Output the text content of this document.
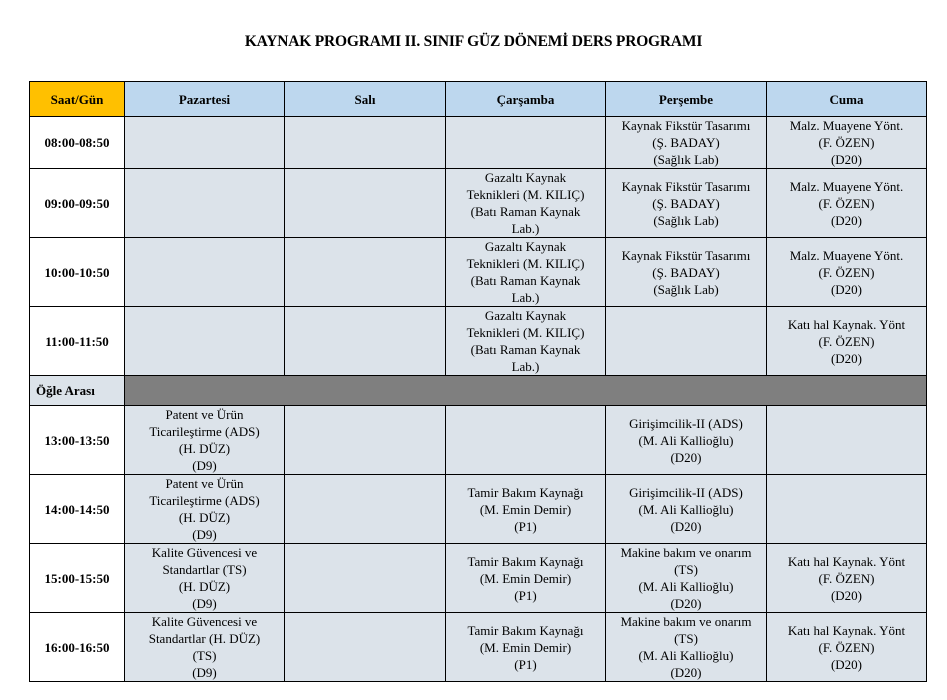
KAYNAK PROGRAMI II. SINIF GÜZ DÖNEMİ DERS PROGRAMI
Saat/Gün	Pazartesi	Salı	Çarşamba	Perşembe	Cuma
08:00-08:50				Kaynak Fikstür Tasarımı
(Ş. BADAY)
(Sağlık Lab)	Malz. Muayene Yönt.
(F. ÖZEN)
(D20)

09:00-09:50			Gazaltı Kaynak
Teknikleri (M. KILIÇ)
(Batı Raman Kaynak
Lab.)	Kaynak Fikstür Tasarımı
(Ş. BADAY)
(Sağlık Lab)	Malz. Muayene Yönt.
(F. ÖZEN)
(D20)

10:00-10:50			Gazaltı Kaynak
Teknikleri (M. KILIÇ)
(Batı Raman Kaynak
Lab.)	Kaynak Fikstür Tasarımı
(Ş. BADAY)
(Sağlık Lab)	Malz. Muayene Yönt.
(F. ÖZEN)
(D20)

11:00-11:50			Gazaltı Kaynak
Teknikleri (M. KILIÇ)
(Batı Raman Kaynak
Lab.)		Katı hal Kaynak. Yönt
(F. ÖZEN)
(D20)

Öğle Arası					
13:00-13:50	Patent ve Ürün
Ticarileştirme (ADS)
(H. DÜZ)
(D9)			Girişimcilik-II (ADS)
(M. Ali Kallioğlu)
(D20)	

14:00-14:50	Patent ve Ürün
Ticarileştirme (ADS)
(H. DÜZ)
(D9)		Tamir Bakım Kaynağı
(M. Emin Demir)
(P1)	Girişimcilik-II (ADS)
(M. Ali Kallioğlu)
(D20)	

15:00-15:50	Kalite Güvencesi ve
Standartlar (TS)
(H. DÜZ)
(D9)		Tamir Bakım Kaynağı
(M. Emin Demir)
(P1)	Makine bakım ve onarım
(TS)
(M. Ali Kallioğlu)
(D20)	Katı hal Kaynak. Yönt
(F. ÖZEN)
(D20)

16:00-16:50	Kalite Güvencesi ve
Standartlar (H. DÜZ)
(TS)
(D9)		Tamir Bakım Kaynağı
(M. Emin Demir)
(P1)	Makine bakım ve onarım
(TS)
(M. Ali Kallioğlu)
(D20)	Katı hal Kaynak. Yönt
(F. ÖZEN)
(D20)
